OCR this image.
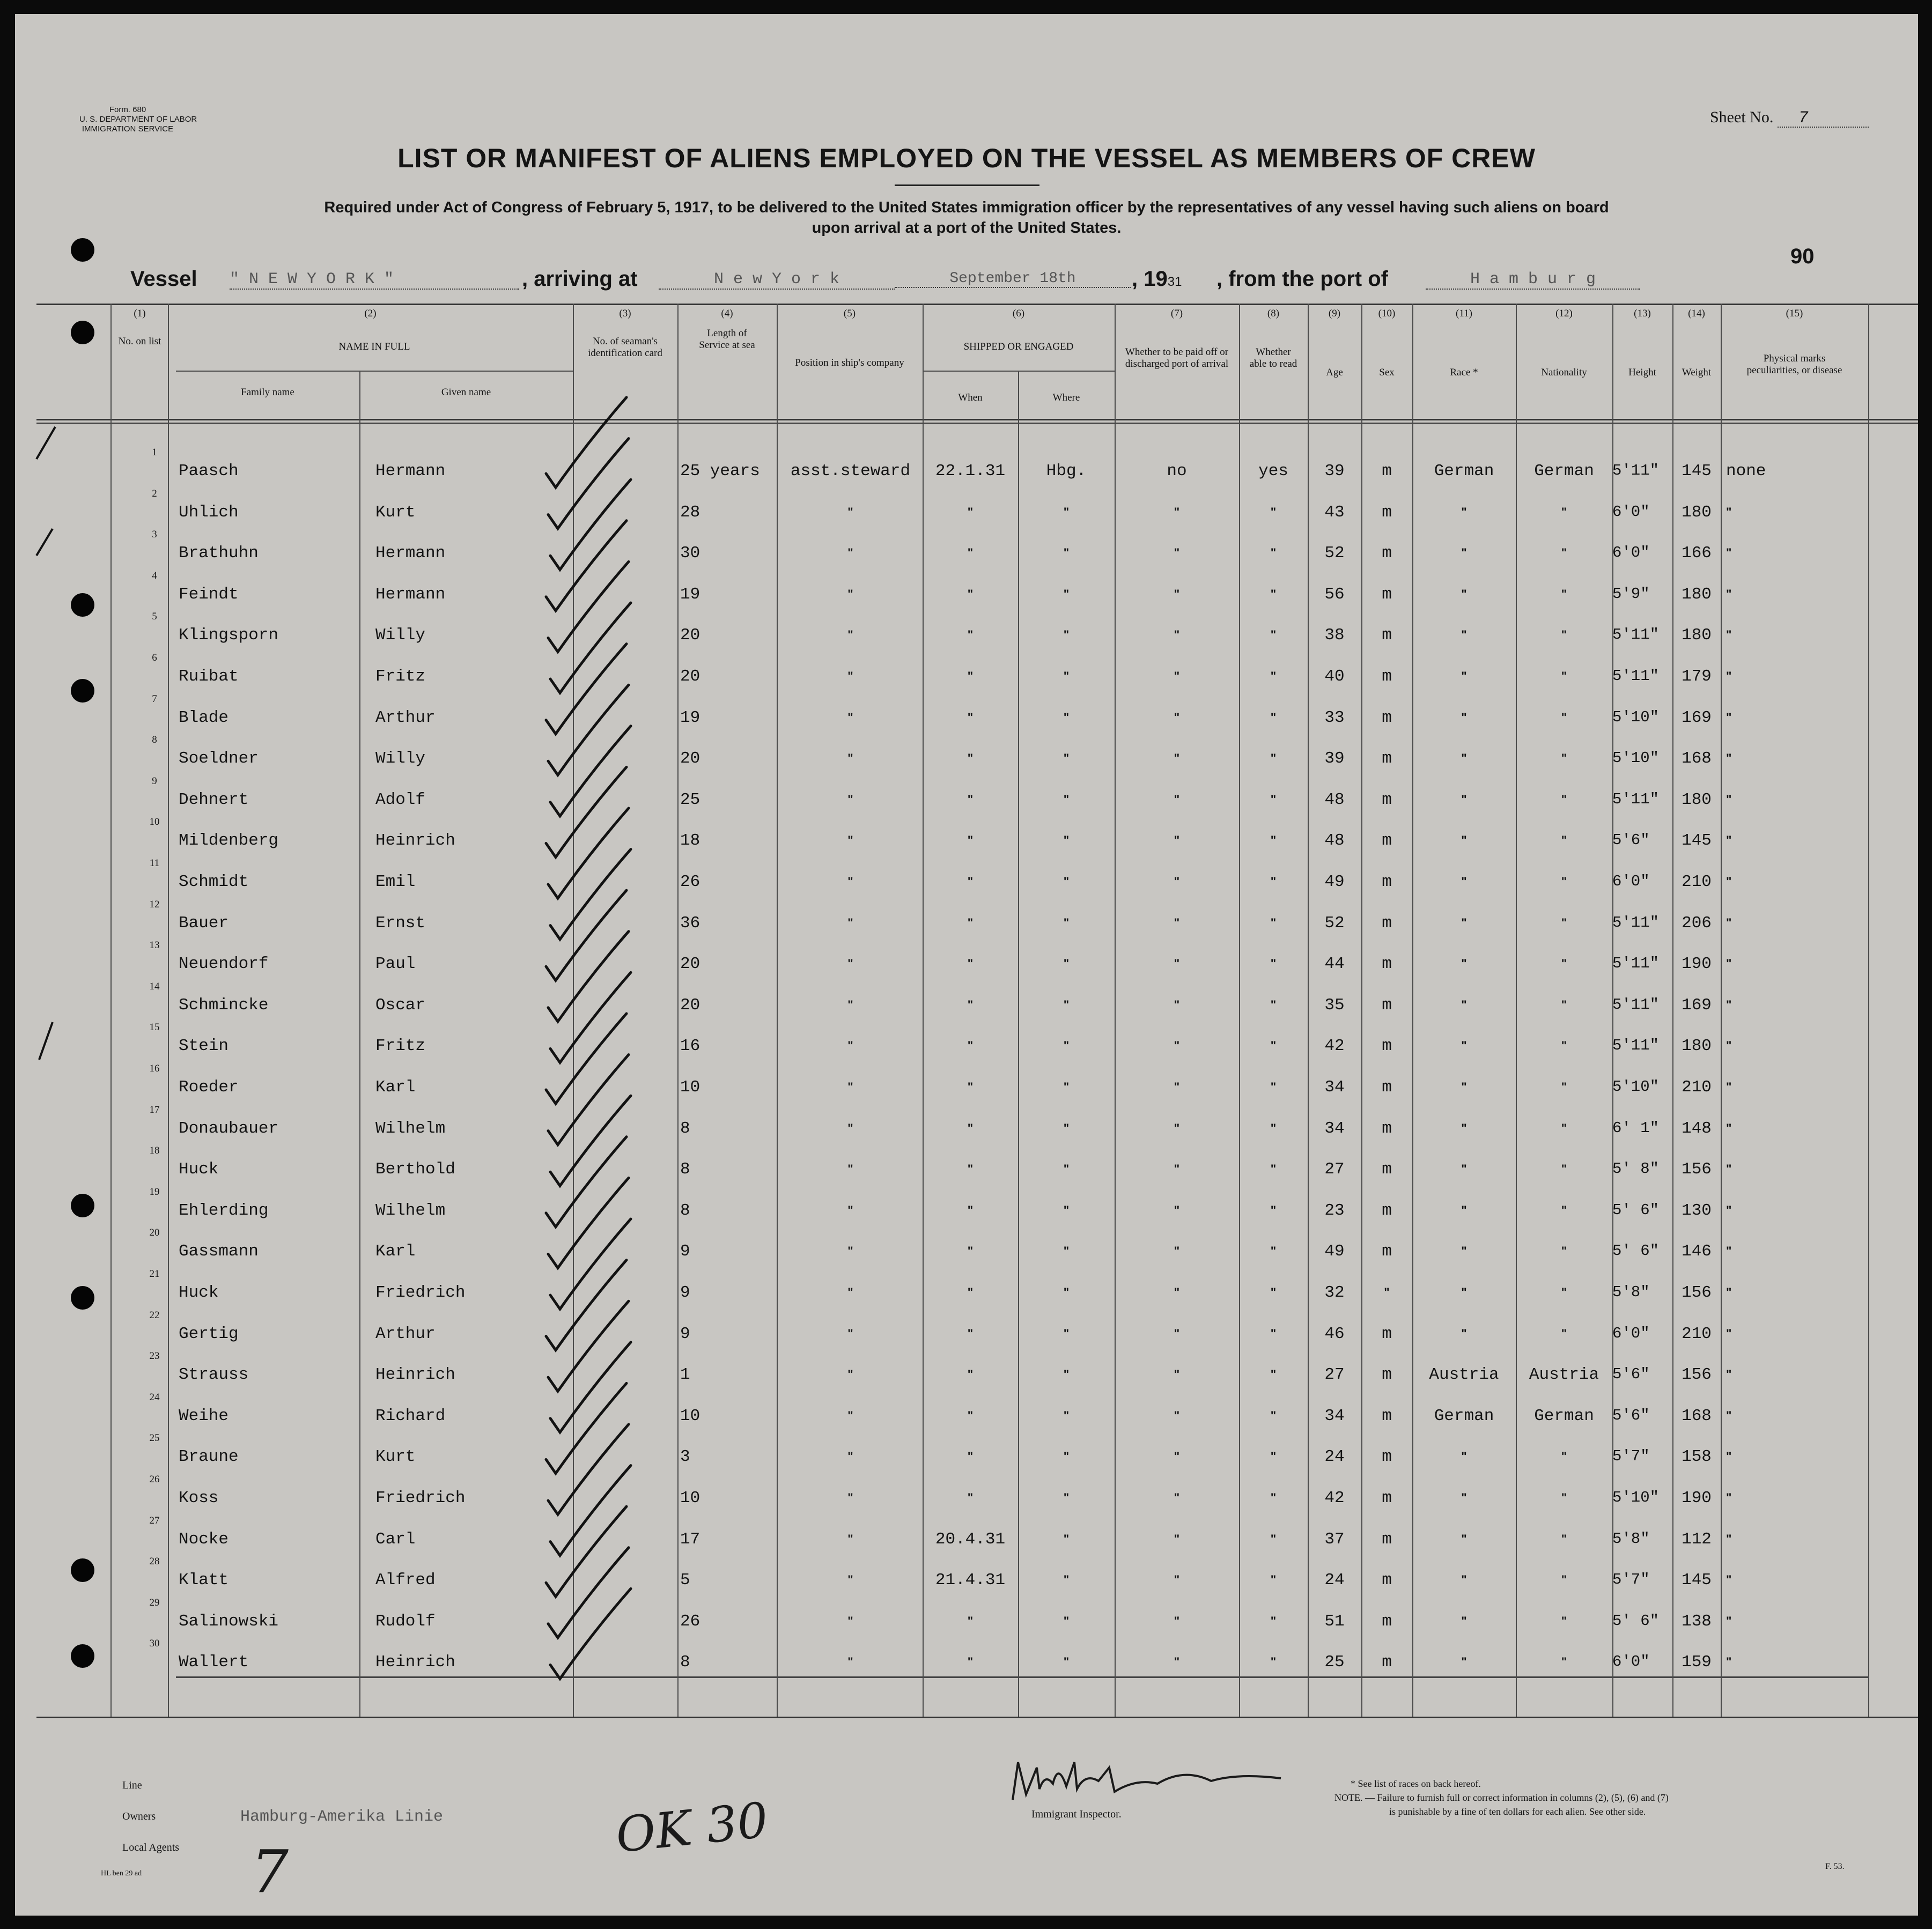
Form. 680
U. S. DEPARTMENT OF LABOR
IMMIGRATION SERVICE
Sheet No. 7
LIST OR MANIFEST OF ALIENS EMPLOYED ON THE VESSEL AS MEMBERS OF CREW
Required under Act of Congress of February 5, 1917, to be delivered to the United States immigration officer by the representatives of any vessel having such aliens on board
upon arrival at a port of the United States.
90
Vessel " N E W Y O R K "	, arriving at	N e w Y o r k	September 18th	, 1931 , from the port of	H a m b u r g
(1)	(2)	(3)	(4)	(5)	(6)	(7)	(8)	(9)	(10)	(11)	(12)	(13)	(14)	(15)
No. on list	NAME IN FULL
Family name	Given name
No. of seaman's identification card
Length of Service at sea
Position in ship's company
SHIPPED OR ENGAGED
When	Where
Whether to be paid off or discharged port of arrival
Whether able to read
Age	Sex	Race *	Nationality	Height	Weight
Physical marks peculiarities, or disease
1
Paasch	Hermann	25 years	asst.steward	22.1.31	Hbg.	no	yes	39	m	German	German	5'11"	145 none
2
Uhlich	Kurt	28	"	"	"	"	"	43	m	"	"	6'0"	180	"
3
Brathuhn	Hermann	30	"	"	"	"	"	52	m	"	"	6'0"	166	"
4
Feindt	Hermann	19	"	"	"	"	"	56	m	"	"	5'9"	180	"
5
Klingsporn	Willy	20	"	"	"	"	"	38	m	"	"	5'11"	180	"
6
Ruibat	Fritz	20	"	"	"	"	"	40	m	"	"	5'11"	179	"
7
Blade	Arthur	19	"	"	"	"	"	33	m	"	"	5'10"	169	"
8
Soeldner	Willy	20	"	"	"	"	"	39	m	"	"	5'10"	168	"
9
Dehnert	Adolf	25	"	"	"	"	"	48	m	"	"	5'11"	180	"
10
Mildenberg	Heinrich	18	"	"	"	"	"	48	m	"	"	5'6"	145	"
11
Schmidt	Emil	26	"	"	"	"	"	49	m	"	"	6'0"	210	"
12
Bauer	Ernst	36	"	"	"	"	"	52	m	"	"	5'11"	206	"
13
Neuendorf	Paul	20	"	"	"	"	"	44	m	"	"	5'11"	190	"
14
Schmincke	Oscar	20	"	"	"	"	"	35	m	"	"	5'11"	169	"
15
Stein	Fritz	16	"	"	"	"	"	42	m	"	"	5'11"	180	"
16
Roeder	Karl	10	"	"	"	"	"	34	m	"	"	5'10"	210	"
17
Donaubauer	Wilhelm	8	"	"	"	"	"	34	m	"	"	6' 1"	148	"
18
Huck	Berthold	8	"	"	"	"	"	27	m	"	"	5' 8"	156	"
19
Ehlerding	Wilhelm	8	"	"	"	"	"	23	m	"	"	5' 6"	130	"
20
Gassmann	Karl	9	"	"	"	"	"	49	m	"	"	5' 6"	146	"
21
Huck	Friedrich	9	"	"	"	"	"	32	"	"	"	5'8"	156	"
22
Gertig	Arthur	9	"	"	"	"	"	46	m	"	"	6'0"	210	"
23
Strauss	Heinrich	1	"	"	"	"	"	27	m	Austria	Austria 5'6"	156	"
24
Weihe	Richard	10	"	"	"	"	"	34	m	German	German	5'6"	168	"
25
Braune	Kurt	3	"	"	"	"	"	24	m	"	"	5'7"	158	"
26
Koss	Friedrich	10	"	"	"	"	"	42	m	"	"	5'10"	190	"
27
Nocke	Carl	17	"	20.4.31	"	"	"	37	m	"	"	5'8"	112	"
28
Klatt	Alfred	5	"	21.4.31	"	"	"	24	m	"	"	5'7"	145	"
29
Salinowski	Rudolf	26	"	"	"	"	"	51	m	"	"	5' 6"	138	"
30
Wallert	Heinrich	8	"	"	"	"	"	25	m	"	"	6'0"	159	"
Line
Owners	Hamburg-Amerika Linie
Local Agents
Immigrant Inspector.
OK 30
7
* See list of races on back hereof.
NOTE. — Failure to furnish full or correct information in columns (2), (5), (6) and (7)
is punishable by a fine of ten dollars for each alien. See other side.
HL ben 29 ad
F. 53.
